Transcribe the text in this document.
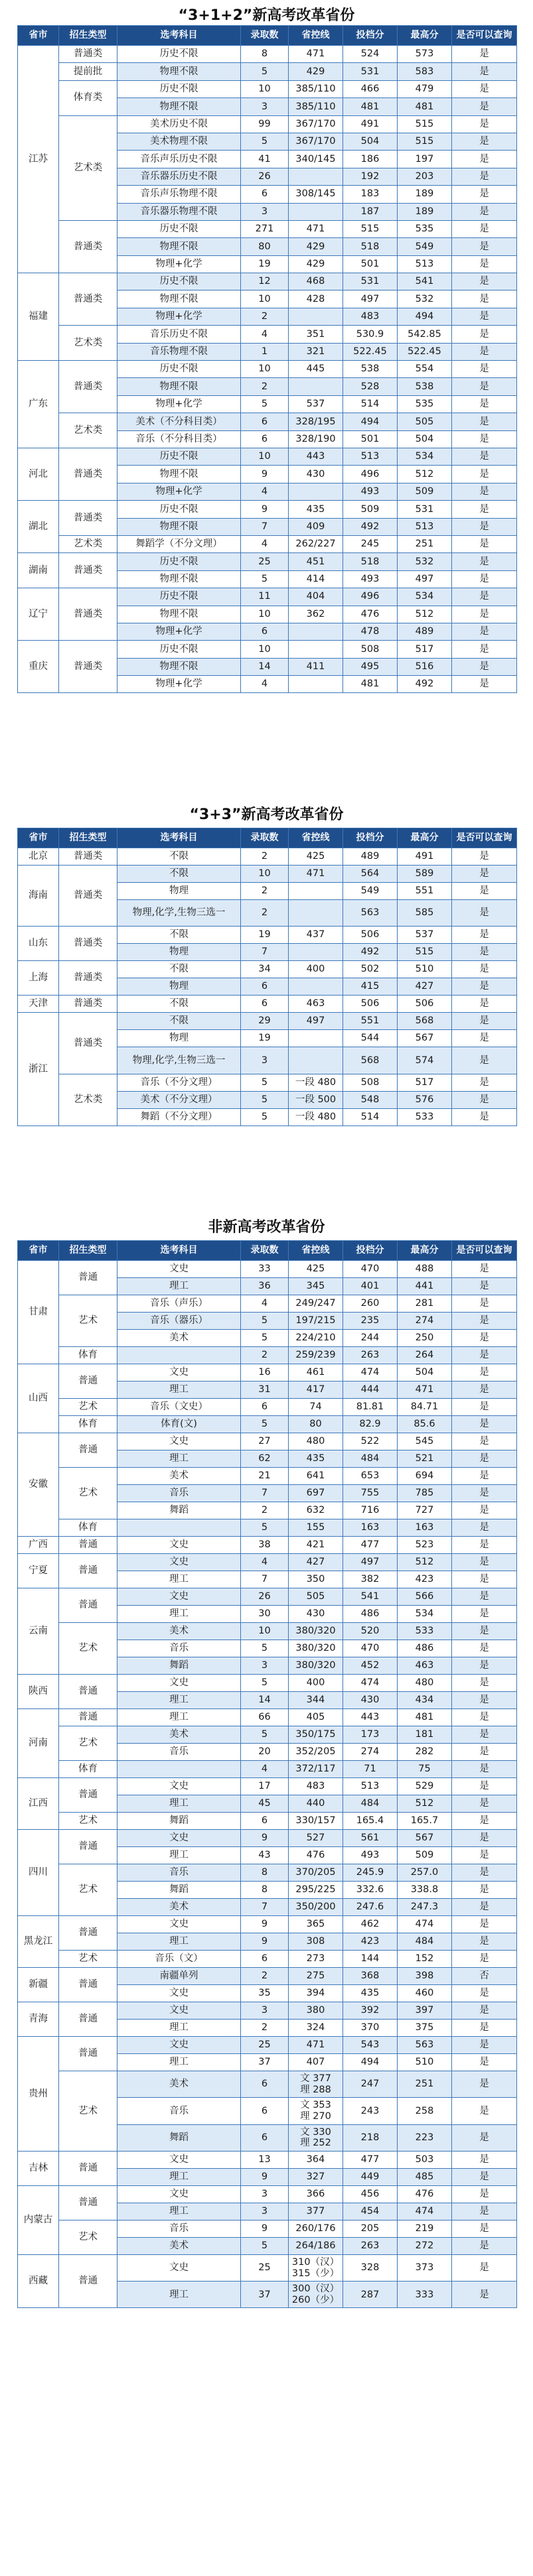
“3+1+2”新高考改革省份
省市	招生类型	选考科目	录取数	省控线	投档分	最高分	是否可以查询
江苏	普通类	历史不限	8	471	524	573	是
	提前批	物理不限	5	429	531	583	是
	体育类	历史不限	10	385/110	466	479	是
		物理不限	3	385/110	481	481	是
	艺术类	美术历史不限	99	367/170	491	515	是
		美术物理不限	5	367/170	504	515	是
		音乐声乐历史不限	41	340/145	186	197	是
		音乐器乐历史不限	26		192	203	是
		音乐声乐物理不限	6	308/145	183	189	是
		音乐器乐物理不限	3		187	189	是
	普通类	历史不限	271	471	515	535	是
		物理不限	80	429	518	549	是
		物理+化学	19	429	501	513	是
福建	普通类	历史不限	12	468	531	541	是
		物理不限	10	428	497	532	是
		物理+化学	2		483	494	是
	艺术类	音乐历史不限	4	351	530.9	542.85	是
		音乐物理不限	1	321	522.45	522.45	是
广东	普通类	历史不限	10	445	538	554	是
		物理不限	2		528	538	是
		物理+化学	5	537	514	535	是
	艺术类	美术（不分科目类）	6	328/195	494	505	是
		音乐（不分科目类）	6	328/190	501	504	是
河北	普通类	历史不限	10	443	513	534	是
		物理不限	9	430	496	512	是
		物理+化学	4		493	509	是
湖北	普通类	历史不限	9	435	509	531	是
		物理不限	7	409	492	513	是
	艺术类	舞蹈学（不分文理）	4	262/227	245	251	是
湖南	普通类	历史不限	25	451	518	532	是
		物理不限	5	414	493	497	是
辽宁	普通类	历史不限	11	404	496	534	是
		物理不限	10	362	476	512	是
		物理+化学	6		478	489	是
重庆	普通类	历史不限	10		508	517	是
		物理不限	14	411	495	516	是
		物理+化学	4		481	492	是
“3+3”新高考改革省份
省市	招生类型	选考科目	录取数	省控线	投档分	最高分	是否可以查询
北京	普通类	不限	2	425	489	491	是
海南	普通类	不限	10	471	564	589	是
		物理	2		549	551	是
		物理,化学,生物三选一	2		563	585	是
山东	普通类	不限	19	437	506	537	是
		物理	7		492	515	是
上海	普通类	不限	34	400	502	510	是
		物理	6		415	427	是
天津	普通类	不限	6	463	506	506	是
浙江	普通类	不限	29	497	551	568	是
		物理	19		544	567	是
		物理,化学,生物三选一	3		568	574	是
	艺术类	音乐（不分文理）	5	一段 480	508	517	是
		美术（不分文理）	5	一段 500	548	576	是
		舞蹈（不分文理）	5	一段 480	514	533	是
非新高考改革省份
省市	招生类型	选考科目	录取数	省控线	投档分	最高分	是否可以查询
甘肃	普通	文史	33	425	470	488	是
		理工	36	345	401	441	是
	艺术	音乐（声乐）	4	249/247	260	281	是
		音乐（器乐）	5	197/215	235	274	是
		美术	5	224/210	244	250	是
	体育		2	259/239	263	264	是
山西	普通	文史	16	461	474	504	是
		理工	31	417	444	471	是
	艺术	音乐（文史）	6	74	81.81	84.71	是
	体育	体育(文)	5	80	82.9	85.6	是
安徽	普通	文史	27	480	522	545	是
		理工	62	435	484	521	是
	艺术	美术	21	641	653	694	是
		音乐	7	697	755	785	是
		舞蹈	2	632	716	727	是
	体育		5	155	163	163	是
广西	普通	文史	38	421	477	523	是
宁夏	普通	文史	4	427	497	512	是
		理工	7	350	382	423	是
云南	普通	文史	26	505	541	566	是
		理工	30	430	486	534	是
	艺术	美术	10	380/320	520	533	是
		音乐	5	380/320	470	486	是
		舞蹈	3	380/320	452	463	是
陕西	普通	文史	5	400	474	480	是
		理工	14	344	430	434	是
河南	普通	理工	66	405	443	481	是
	艺术	美术	5	350/175	173	181	是
		音乐	20	352/205	274	282	是
	体育		4	372/117	71	75	是
江西	普通	文史	17	483	513	529	是
		理工	45	440	484	512	是
	艺术	舞蹈	6	330/157	165.4	165.7	是
四川	普通	文史	9	527	561	567	是
		理工	43	476	493	509	是
	艺术	音乐	8	370/205	245.9	257.0	是
		舞蹈	8	295/225	332.6	338.8	是
		美术	7	350/200	247.6	247.3	是
黑龙江	普通	文史	9	365	462	474	是
		理工	9	308	423	484	是
	艺术	音乐（文）	6	273	144	152	是
新疆	普通	南疆单列	2	275	368	398	否
		文史	35	394	435	460	是
青海	普通	文史	3	380	392	397	是
		理工	2	324	370	375	是
贵州	普通	文史	25	471	543	563	是
		理工	37	407	494	510	是
	艺术	美术	6	文 377
理 288	247	251	是
		音乐	6	文 353
理 270	243	258	是
		舞蹈	6	文 330
理 252	218	223	是
吉林	普通	文史	13	364	477	503	是
		理工	9	327	449	485	是
内蒙古	普通	文史	3	366	456	476	是
		理工	3	377	454	474	是
	艺术	音乐	9	260/176	205	219	是
		美术	5	264/186	263	272	是
西藏	普通	文史	25	310（汉）
315（少）	328	373	是
		理工	37	300（汉）
260（少）	287	333	是
